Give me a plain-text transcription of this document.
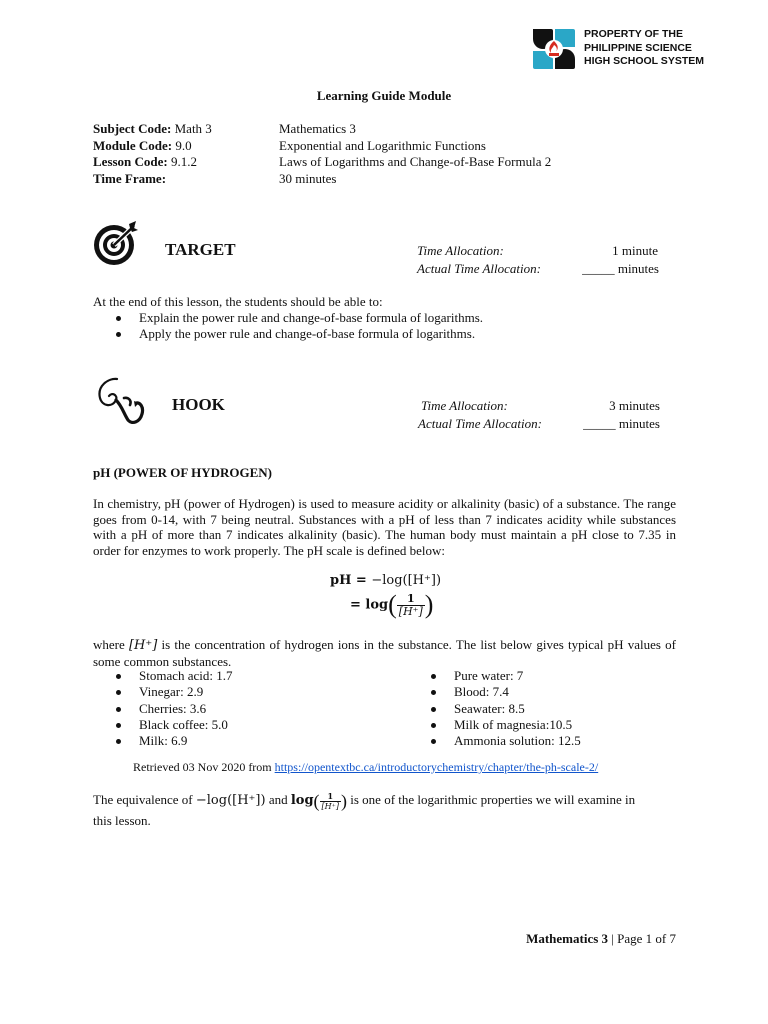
PROPERTY OF THE
PHILIPPINE SCIENCE
HIGH SCHOOL SYSTEM
Learning Guide Module
Subject Code: Math 3	Mathematics 3
Module Code: 9.0	Exponential and Logarithmic Functions
Lesson Code: 9.1.2	Laws of Logarithms and Change-of-Base Formula 2
Time Frame:	30 minutes
TARGET	Time Allocation:	1 minute
Actual Time Allocation:	_____ minutes
At the end of this lesson, the students should be able to:
Explain the power rule and change-of-base formula of logarithms.
Apply the power rule and change-of-base formula of logarithms.
HOOK	Time Allocation:	3 minutes
Actual Time Allocation:	_____ minutes
pH (POWER OF HYDROGEN)
In chemistry, pH (power of Hydrogen) is used to measure acidity or alkalinity (basic) of a substance. The range goes from 0-14, with 7 being neutral. Substances with a pH of less than 7 indicates acidity while substances with a pH of more than 7 indicates alkalinity (basic). The human body must maintain a pH close to 7.35 in order for enzymes to work properly. The pH scale is defined below:
pH = −log([H⁺])
= $\log( \frac{1}{[H^+]}$ )
where [H⁺] is the concentration of hydrogen ions in the substance. The list below gives typical pH values of some common substances.
Stomach acid: 1.7
Vinegar: 2.9
Cherries: 3.6
Black coffee: 5.0
Milk: 6.9
Pure water: 7
Blood: 7.4
Seawater: 8.5
Milk of magnesia:10.5
Ammonia solution: 12.5
Retrieved 03 Nov 2020 from https://opentextbc.ca/introductorychemistry/chapter/the-ph-scale-2/
The equivalence of −log([H⁺]) and $\log( \frac{1}{[H^+]}$ ) is one of the logarithmic properties we will examine in
this lesson.
Mathematics 3 | Page 1 of 7
